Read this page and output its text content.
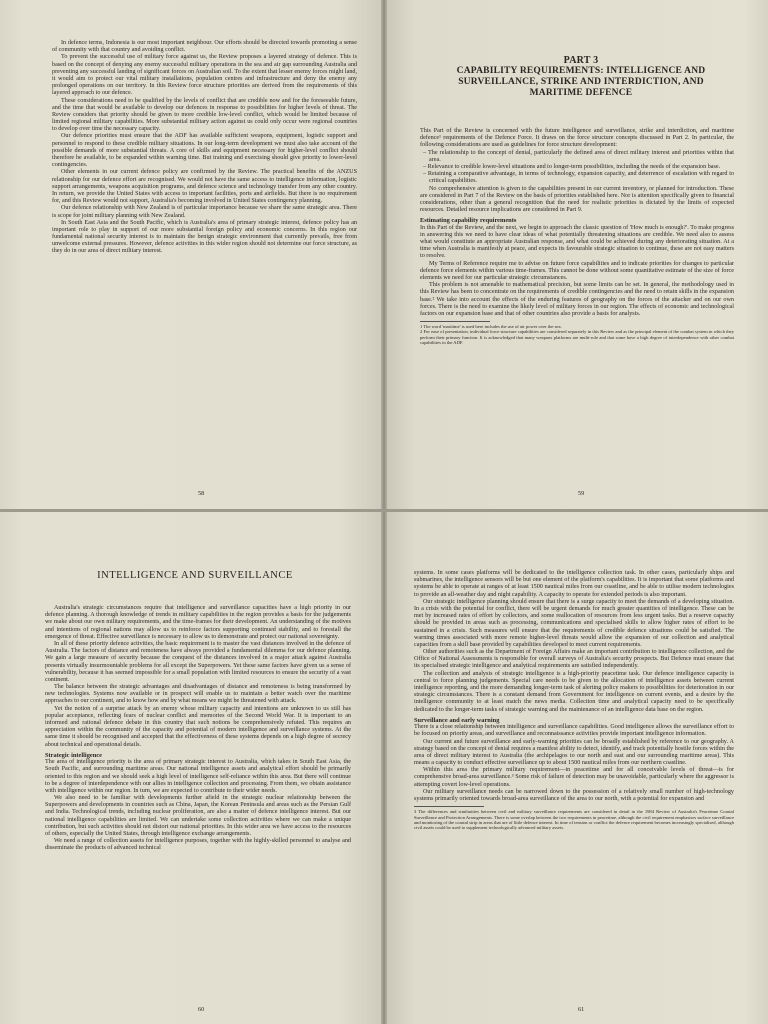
In defence terms, Indonesia is our most important neighbour. Our efforts should be directed towards promoting a sense of community with that country and avoiding conflict.

To prevent the successful use of military force against us, the Review proposes a layered strategy of defence. This is based on the concept of denying any enemy successful military operations in the sea and air gap surrounding Australia and preventing any successful landing of significant forces on Australian soil. To the extent that lesser enemy forces might land, it would aim to protect our vital military installations, population centres and infrastructure and deny the enemy any prolonged operations on our territory. In this Review force structure priorities are derived from the requirements of this layered approach to our defence.

These considerations need to be qualified by the levels of conflict that are credible now and for the foreseeable future, and the time that would be available to develop our defences in response to possibilities for higher levels of threat. The Review considers that priority should be given to more credible low-level conflict, which would be limited because of limited regional military capabilities. More substantial military action against us could only occur were regional countries to develop over time the necessary capacity.

Our defence priorities must ensure that the ADF has available sufficient weapons, equipment, logistic support and personnel to respond to these credible military situations. In our long-term development we must also take account of the possible demands of more substantial threats. A core of skills and equipment necessary for higher-level conflict should therefore be available, to be expanded within warning time. But training and exercising should give priority to lower-level contingencies.

Other elements in our current defence policy are confirmed by the Review. The practical benefits of the ANZUS relationship for our defence effort are recognised. We would not have the same access to intelligence information, logistic support arrangements, weapons acquisition programs, and defence science and technology transfer from any other country. In return, we provide the United States with access to important facilities, ports and airfields. But there is no requirement for, and this Review would not support, Australia's becoming involved in United States contingency planning.

Our defence relationship with New Zealand is of particular importance because we share the same strategic area. There is scope for joint military planning with New Zealand.

In South East Asia and the South Pacific, which is Australia's area of primary strategic interest, defence policy has an important role to play in support of our more substantial foreign policy and economic concerns. In this region our fundamental national security interest is to maintain the benign strategic environment that currently prevails, free from unwelcome external pressures. However, defence activities in this wider region should not determine our force structure, as they do in our area of direct military interest.

58	59
PART 3
CAPABILITY REQUIREMENTS: INTELLIGENCE AND SURVEILLANCE, STRIKE AND INTERDICTION, AND MARITIME DEFENCE

This Part of the Review is concerned with the future intelligence and surveillance, strike and interdiction, and maritime defence¹ requirements of the Defence Force. It draws on the force structure concepts discussed in Part 2. In particular, the following considerations are used as guidelines for force structure development:

– The relationship to the concept of denial, particularly the defined area of direct military interest and priorities within that area.
– Relevance to credible lower-level situations and to longer-term possibilities, including the needs of the expansion base.
– Retaining a comparative advantage, in terms of technology, expansion capacity, and deterrence of escalation with regard to critical capabilities.

No comprehensive attention is given to the capabilities present in our current inventory, or planned for introduction. These are considered in Part 7 of the Review on the basis of priorities established here. Nor is attention specifically given to financial considerations, other than a general recognition that the need for realistic priorities is dictated by the limits of expected resources. Detailed resource implications are considered in Part 9.

Estimating capability requirements

In this Part of the Review, and the next, we begin to approach the classic question of 'How much is enough?'. To make progress in answering this we need to have clear ideas of what potentially threatening situations are credible. We need also to assess what would constitute an appropriate Australian response, and what could be achieved during any deteriorating situation. At a time when Australia is manifestly at peace, and expects its favourable strategic situation to continue, these are not easy matters to resolve.

My Terms of Reference require me to advise on future force capabilities and to indicate priorities for changes to particular defence force elements within various time-frames. This cannot be done without some quantitative estimate of the size of force elements we need for our particular strategic circumstances.

This problem is not amenable to mathematical precision, but some limits can be set. In general, the methodology used in this Review has been to concentrate on the requirements of credible contingencies and the need to retain skills in the expansion base.² We take into account the effects of the enduring features of geography on the forces of the attacker and on our own forces. There is the need to examine the likely level of military forces in our region. The effects of economic and technological factors on our expansion base and that of other countries also provide a basis for analysis.

1 The word 'maritime' is used here includes the use of air power over the sea.

2 For ease of presentation, individual force structure capabilities are considered separately in this Review and as the principal element of the combat system in which they perform their primary function. It is acknowledged that many weapons platforms are multi-role and that some have a high degree of interdependence with other combat capabilities in the ADF.

60	61
INTELLIGENCE AND SURVEILLANCE

Australia's strategic circumstances require that intelligence and surveillance capacities have a high priority in our defence planning. A thorough knowledge of trends in military capabilities in the region provides a basis for the judgements we make about our own military requirements, and the time-frames for their development. An understanding of the motives and intentions of regional nations may allow us to reinforce factors supporting continued stability, and to forestall the emergence of threat. Effective surveillance is necessary to allow us to demonstrate and protect our national sovereignty.

In all of these priority defence activities, the basic requirement is to master the vast distances involved in the defence of Australia. The factors of distance and remoteness have always provided a fundamental dilemma for our defence planning. We gain a large measure of security because the conquest of the distances involved in a major attack against Australia presents virtually insurmountable problems for all except the Superpowers. Yet these same factors have given us a sense of vulnerability, because it has seemed impossible for a small population with limited resources to ensure the security of a vast continent.

The balance between the strategic advantages and disadvantages of distance and remoteness is being transformed by new technologies. Systems now available or in prospect will enable us to maintain a better watch over the maritime approaches to our continent, and to know how and by what means we might be threatened with attack.

Yet the notion of a surprise attack by an enemy whose military capacity and intentions are unknown to us still has popular acceptance, reflecting fears of nuclear conflict and memories of the Second World War. It is important to an informed and rational defence debate in this country that such notions be comprehensively refuted. This requires an appreciation within the community of the capacity and potential of modern intelligence and surveillance systems. At the same time it should be recognised and accepted that the effectiveness of these systems depends on a high degree of secrecy about technical and operational details.

Strategic intelligence

The area of intelligence priority is the area of primary strategic interest to Australia, which takes in South East Asia, the South Pacific, and surrounding maritime areas. Our national intelligence assets and analytical effort should be primarily oriented to this region and we should seek a high level of intelligence self-reliance within this area. But there will continue to be a degree of interdependence with our allies in intelligence collection and processing. From them, we obtain assistance with intelligence within our region. In turn, we are expected to contribute to their wider needs.

We also need to be familiar with developments further afield in the strategic nuclear relationship between the Superpowers and developments in countries such as China, Japan, the Korean Peninsula and areas such as the Persian Gulf and India. Technological trends, including nuclear proliferation, are also a matter of defence intelligence interest. But our national intelligence capabilities are limited. We can undertake some collection activities where we can make a unique contribution, but such activities should not distort our national priorities. In this wider area we have access to the resources of others, especially the United States, through intelligence exchange arrangements.

We need a range of collection assets for intelligence purposes, together with the highly-skilled personnel to analyse and disseminate the products of advanced technical

systems. In some cases platforms will be dedicated to the intelligence collection task. In other cases, particularly ships and submarines, the intelligence sensors will be but one element of the platform's capabilities. It is important that some platforms and systems be able to operate at ranges of at least 1500 nautical miles from our coastline, and be able to utilise modern technologies to provide an all-weather day and night capability. A capacity to operate for extended periods is also important.

Our strategic intelligence planning should ensure that there is a surge capacity to meet the demands of a developing situation. In a crisis with the potential for conflict, there will be urgent demands for much greater quantities of intelligence. These can be met by increased rates of effort by collectors, and some reallocation of resources from less urgent tasks. But a reserve capacity should be provided in areas such as processing, communications and specialised skills to allow higher rates of effort to be sustained in a crisis. Such measures will ensure that the requirements of credible defence situations could be satisfied. The warning times associated with more remote higher-level threats would allow the expansion of our collection and analytical capacities from a skill base provided by capabilities developed to meet current requirements.

Other authorities such as the Department of Foreign Affairs make an important contribution to intelligence collection, and the Office of National Assessments is responsible for overall surveys of Australia's security prospects. But Defence must ensure that its specialised strategic intelligence and analytical requirements are satisfied independently.

The collection and analysis of strategic intelligence is a high-priority peacetime task. Our defence intelligence capacity is central to force planning judgements. Special care needs to be given to the allocation of intelligence assets between current intelligence reporting, and the more demanding longer-term task of alerting policy makers to possibilities for deterioration in our strategic circumstances. There is a constant demand from Government for intelligence on current events, and a desire by the intelligence community to at least match the news media. Collection time and analytical capacity need to be specifically dedicated to the longer-term tasks of strategic warning and the maintenance of an intelligence data base on the region.

Surveillance and early warning

There is a close relationship between intelligence and surveillance capabilities. Good intelligence allows the surveillance effort to be focused on priority areas, and surveillance and reconnaissance activities provide important intelligence information.

Our current and future surveillance and early-warning priorities can be broadly established by reference to our geography. A strategy based on the concept of denial requires a manifest ability to detect, identify, and track potentially hostile forces within the area of direct military interest to Australia (the archipelagos to our north and east and our surrounding maritime areas). This means a capacity to conduct effective surveillance up to about 1500 nautical miles from our northern coastline.

Within this area the primary military requirement—in peacetime and for all conceivable levels of threat—is for comprehensive broad-area surveillance.³ Some risk of failure of detection may be unavoidable, particularly where the aggressor is attempting covert low-level operations.

Our military surveillance needs can be narrowed down to the possession of a relatively small number of high-technology systems primarily oriented towards broad-area surveillance of the area to our north, with a potential for expansion and

3 The differences and similarities between civil and military surveillance requirements are considered in detail in the 1984 Review of Australia's Peacetime Coastal Surveillance and Protection Arrangements. There is some overlap between the two requirements in peacetime, although the civil requirement emphasises surface surveillance and monitoring of the coastal strip in areas that are of little defence interest. In time of tension or conflict the defence requirement becomes increasingly specialised, although civil assets could be used to supplement technologically advanced military assets.
